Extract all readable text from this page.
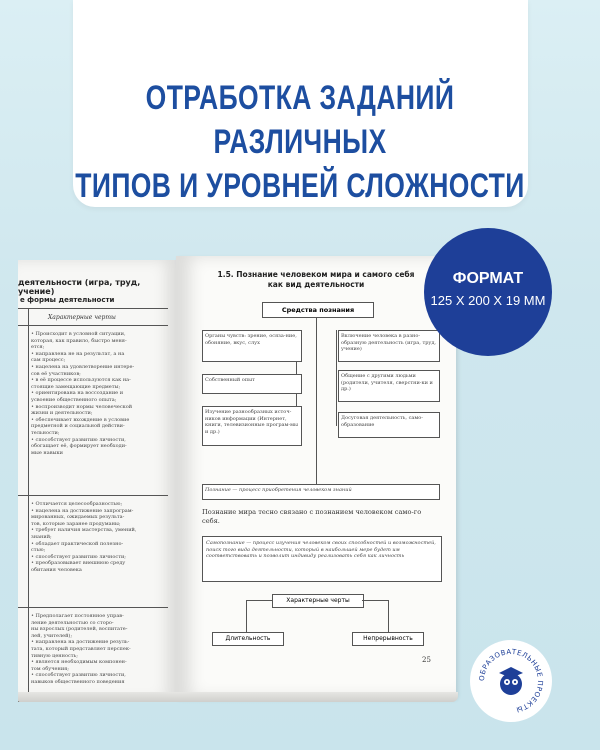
ОТРАБОТКА ЗАДАНИЙ РАЗЛИЧНЫХ
ТИПОВ И УРОВНЕЙ СЛОЖНОСТИ
деятельности (игра, труд, учение)
е формы деятельности
Характерные черты
• Происходит в условной ситуации,
которая, как правило, быстро меня-
ется;
• направлена не на результат, а на
сам процесс;
• нацелена на удовлетворение интере-
сов её участников;
• в её процессе используются как на-
стоящие замещающие предметы;
• ориентирована на воссоздание и
усвоение общественного опыта;
• воспроизводит нормы человеческой
жизни и деятельности;
• обеспечивает вхождение в условие
предметной и социальной действи-
тельности;
• способствует развитию личности,
обогащает её, формирует необходи-
мые навыки
• Отличается целесообразностью;
• нацелена на достижение запрограм-
мированных, ожидаемых результа-
тов, которые заранее продуманы;
• требует наличия мастерства, умений,
знаний;
• обладает практической полезно-
стью;
• способствует развитию личности;
• преобразовывает внешнюю среду
обитания человека
• Предполагает постоянное управ-
ление деятельностью со сторо-
ны взрослых (родителей, воспитате-
лей, учителей);
• направлена на достижение резуль-
тата, который представляет перспек-
тивную ценность;
• является необходимым компонен-
том обучения;
• способствует развитию личности,
навыков общественного поведения
1.5. Познание человеком мира и самого себя
как вид деятельности
Средства познания
Органы чувств: зрение, осяза-ние, обоняние, вкус, слух
Собственный опыт
Изучение разнообразных источ-ников информации (Интернет, книги, телевизионные програм-мы и др.)
Включение человека в разно-образную деятельность (игра, труд, учение)
Общение с другими людьми (родители, учителя, сверстни-ки и др.)
Досуговая деятельность, само-образование
Познание — процесс приобретения человеком знаний
Познание мира тесно связано с познанием человеком само-го себя.
Самопознание — процесс изучения человеком своих способностей и возможностей, поиск того вида деятельности, который в наибольшей мере будет им соответствовать и позволит индивиду реализовать себя как личность
Характерные черты
Длительность	Непрерывность
25
ФОРМАТ
125 X 200 X 19 ММ
ОБРАЗОВАТЕЛЬНЫЕ ПРОЕКТЫ
